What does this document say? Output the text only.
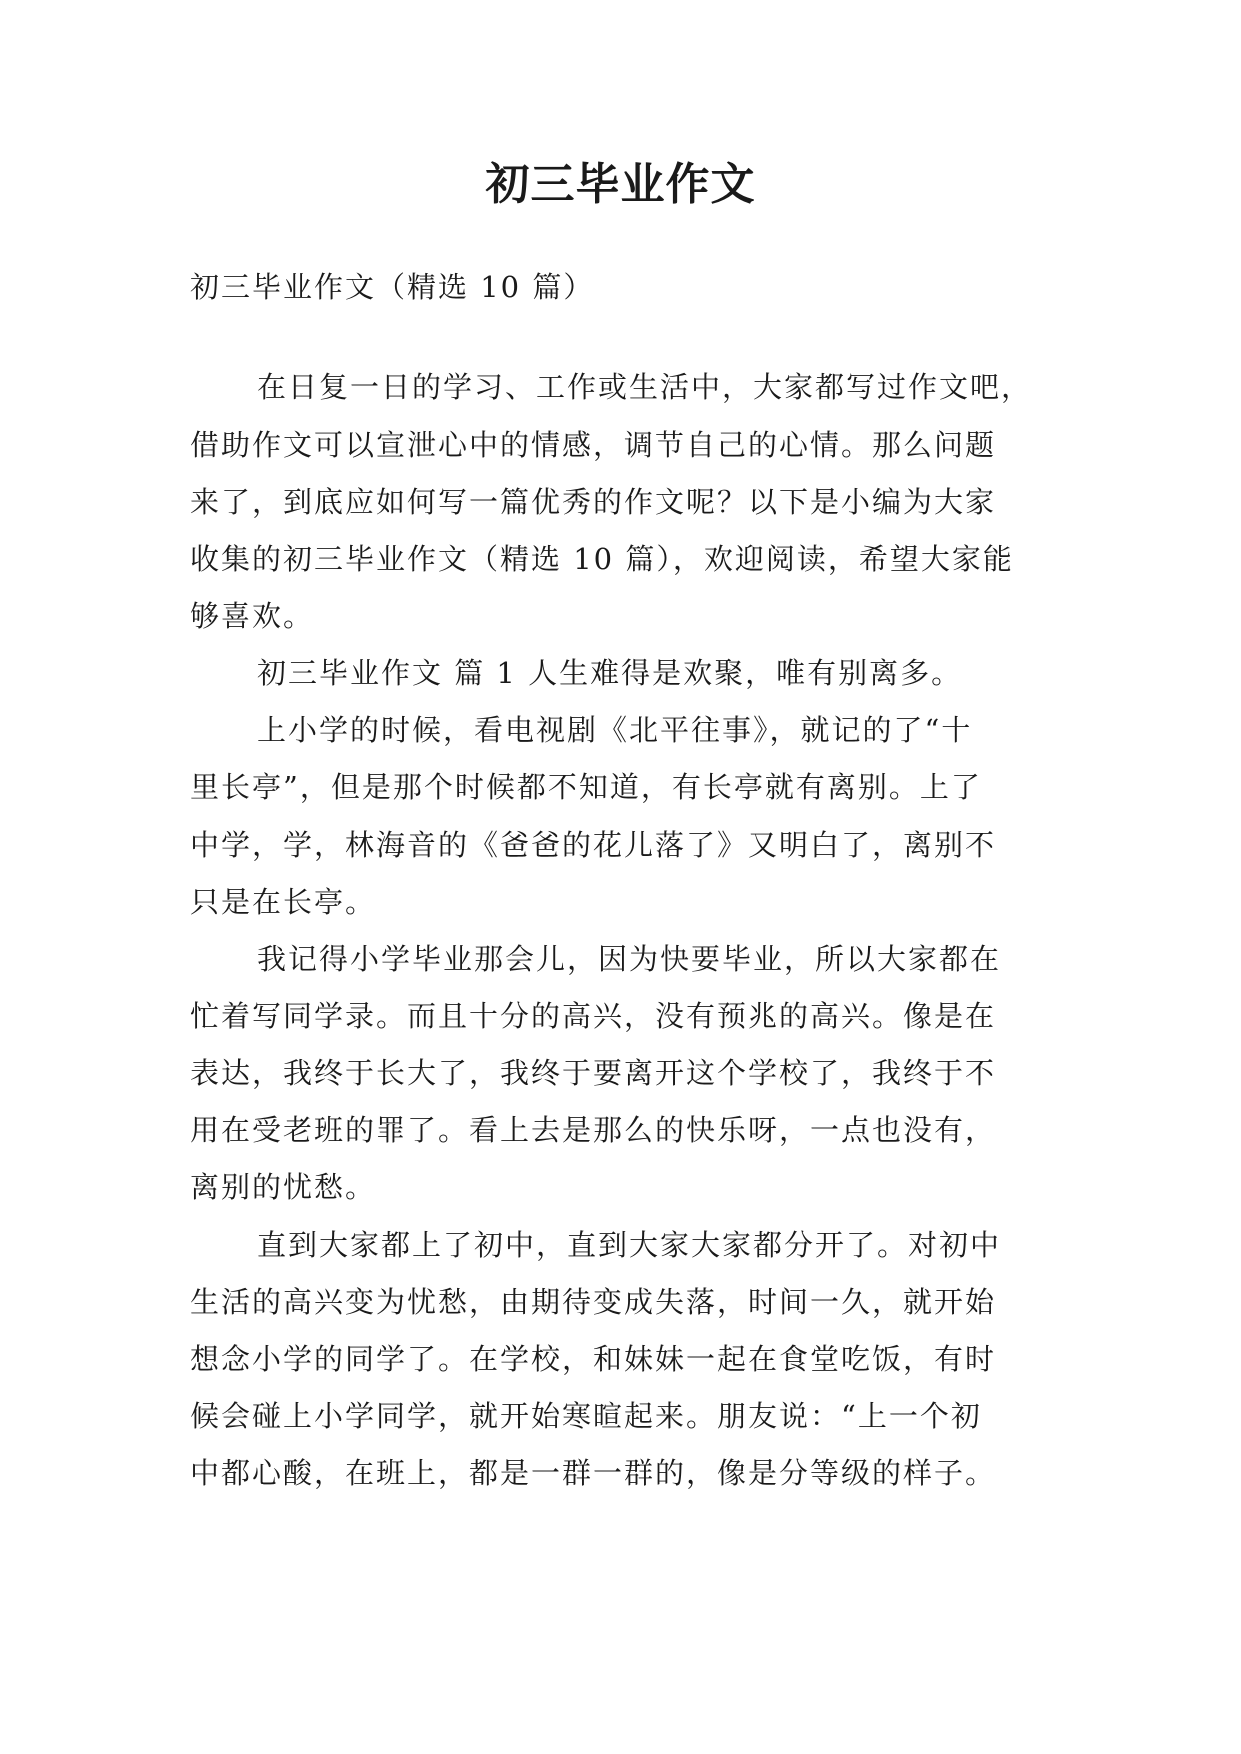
初三毕业作文
初三毕业作文（精选 10 篇）
在日复一日的学习、工作或生活中，大家都写过作文吧，
借助作文可以宣泄心中的情感，调节自己的心情。那么问题
来了，到底应如何写一篇优秀的作文呢？以下是小编为大家
收集的初三毕业作文（精选 10 篇），欢迎阅读，希望大家能
够喜欢。
初三毕业作文 篇 1 人生难得是欢聚，唯有别离多。
上小学的时候，看电视剧《北平往事》，就记的了“十
里长亭”，但是那个时候都不知道，有长亭就有离别。上了
中学，学，林海音的《爸爸的花儿落了》又明白了，离别不
只是在长亭。
我记得小学毕业那会儿，因为快要毕业，所以大家都在
忙着写同学录。而且十分的高兴，没有预兆的高兴。像是在
表达，我终于长大了，我终于要离开这个学校了，我终于不
用在受老班的罪了。看上去是那么的快乐呀，一点也没有，
离别的忧愁。
直到大家都上了初中，直到大家大家都分开了。对初中
生活的高兴变为忧愁，由期待变成失落，时间一久，就开始
想念小学的同学了。在学校，和妹妹一起在食堂吃饭，有时
候会碰上小学同学，就开始寒暄起来。朋友说：“上一个初
中都心酸，在班上，都是一群一群的，像是分等级的样子。
